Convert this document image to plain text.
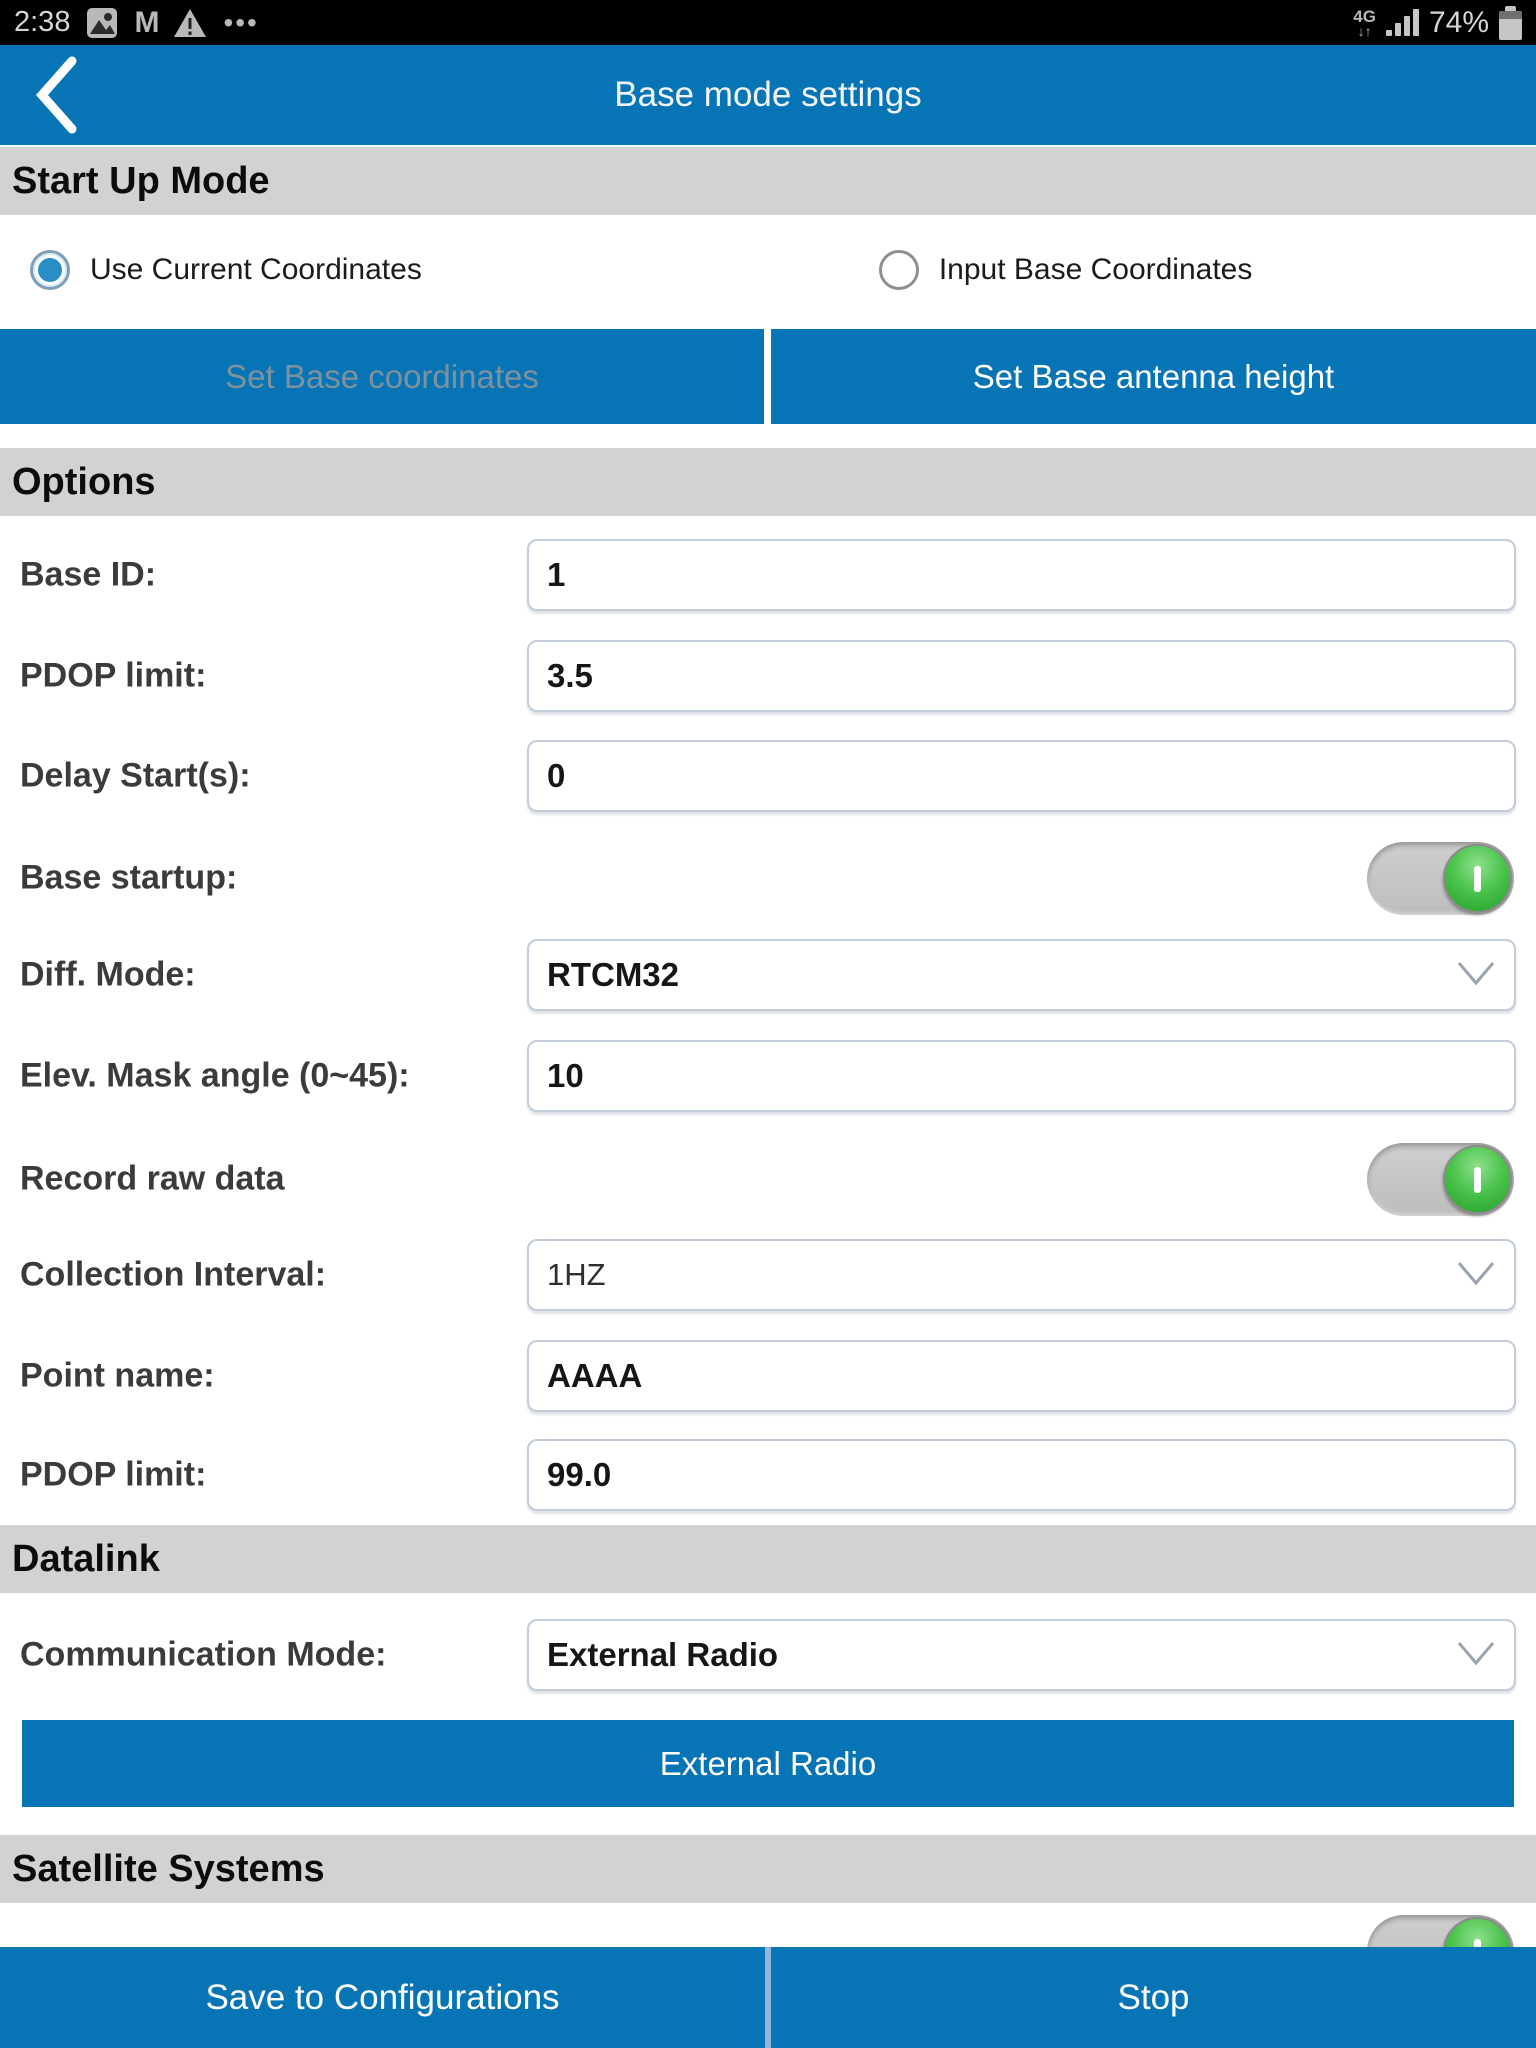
2:38 M •••	4G
↓↑ 74%
Base mode settings
Start Up Mode
Use Current Coordinates	Input Base Coordinates
Set Base coordinates	Set Base antenna height
Options
Base ID:	1
PDOP limit:	3.5
Delay Start(s):	0
Base startup:
Diff. Mode:	RTCM32
Elev. Mask angle (0~45):	10
Record raw data
Collection Interval:	1HZ
Point name:	AAAA
PDOP limit:	99.0
Datalink
Communication Mode:	External Radio
External Radio
Satellite Systems
Save to Configurations	Stop
